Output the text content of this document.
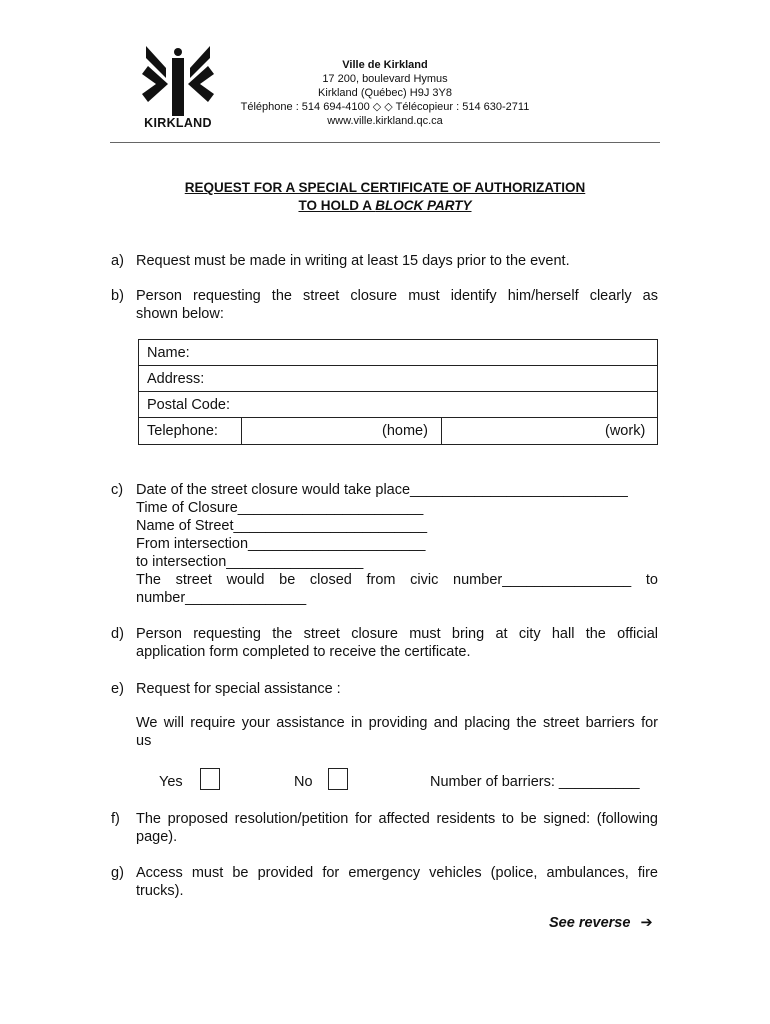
KIRKLAND
Ville de Kirkland
17 200, boulevard Hymus
Kirkland (Québec) H9J 3Y8
Téléphone : 514 694-4100 ◇ ◇ Télécopieur : 514 630-2711
www.ville.kirkland.qc.ca
REQUEST FOR A SPECIAL CERTIFICATE OF AUTHORIZATION
TO HOLD A BLOCK PARTY
a) Request must be made in writing at least 15 days prior to the event.
b) Person requesting the street closure must identify him/herself clearly as
shown below:
Name:
Address:
Postal Code:
Telephone:	(home)	(work)
c) Date of the street closure would take place___________________________
Time of Closure_______________________
Name of Street________________________
From intersection______________________
to intersection_________________
The street would be closed from civic number________________ to
number_______________
d) Person requesting the street closure must bring at city hall the official
application form completed to receive the certificate.
e) Request for special assistance :
We will require your assistance in providing and placing the street barriers for
us
Yes	No	Number of barriers: __________
f)	The proposed resolution/petition for affected residents to be signed: (following
page).
g) Access must be provided for emergency vehicles (police, ambulances, fire
trucks).
See reverse ➔
